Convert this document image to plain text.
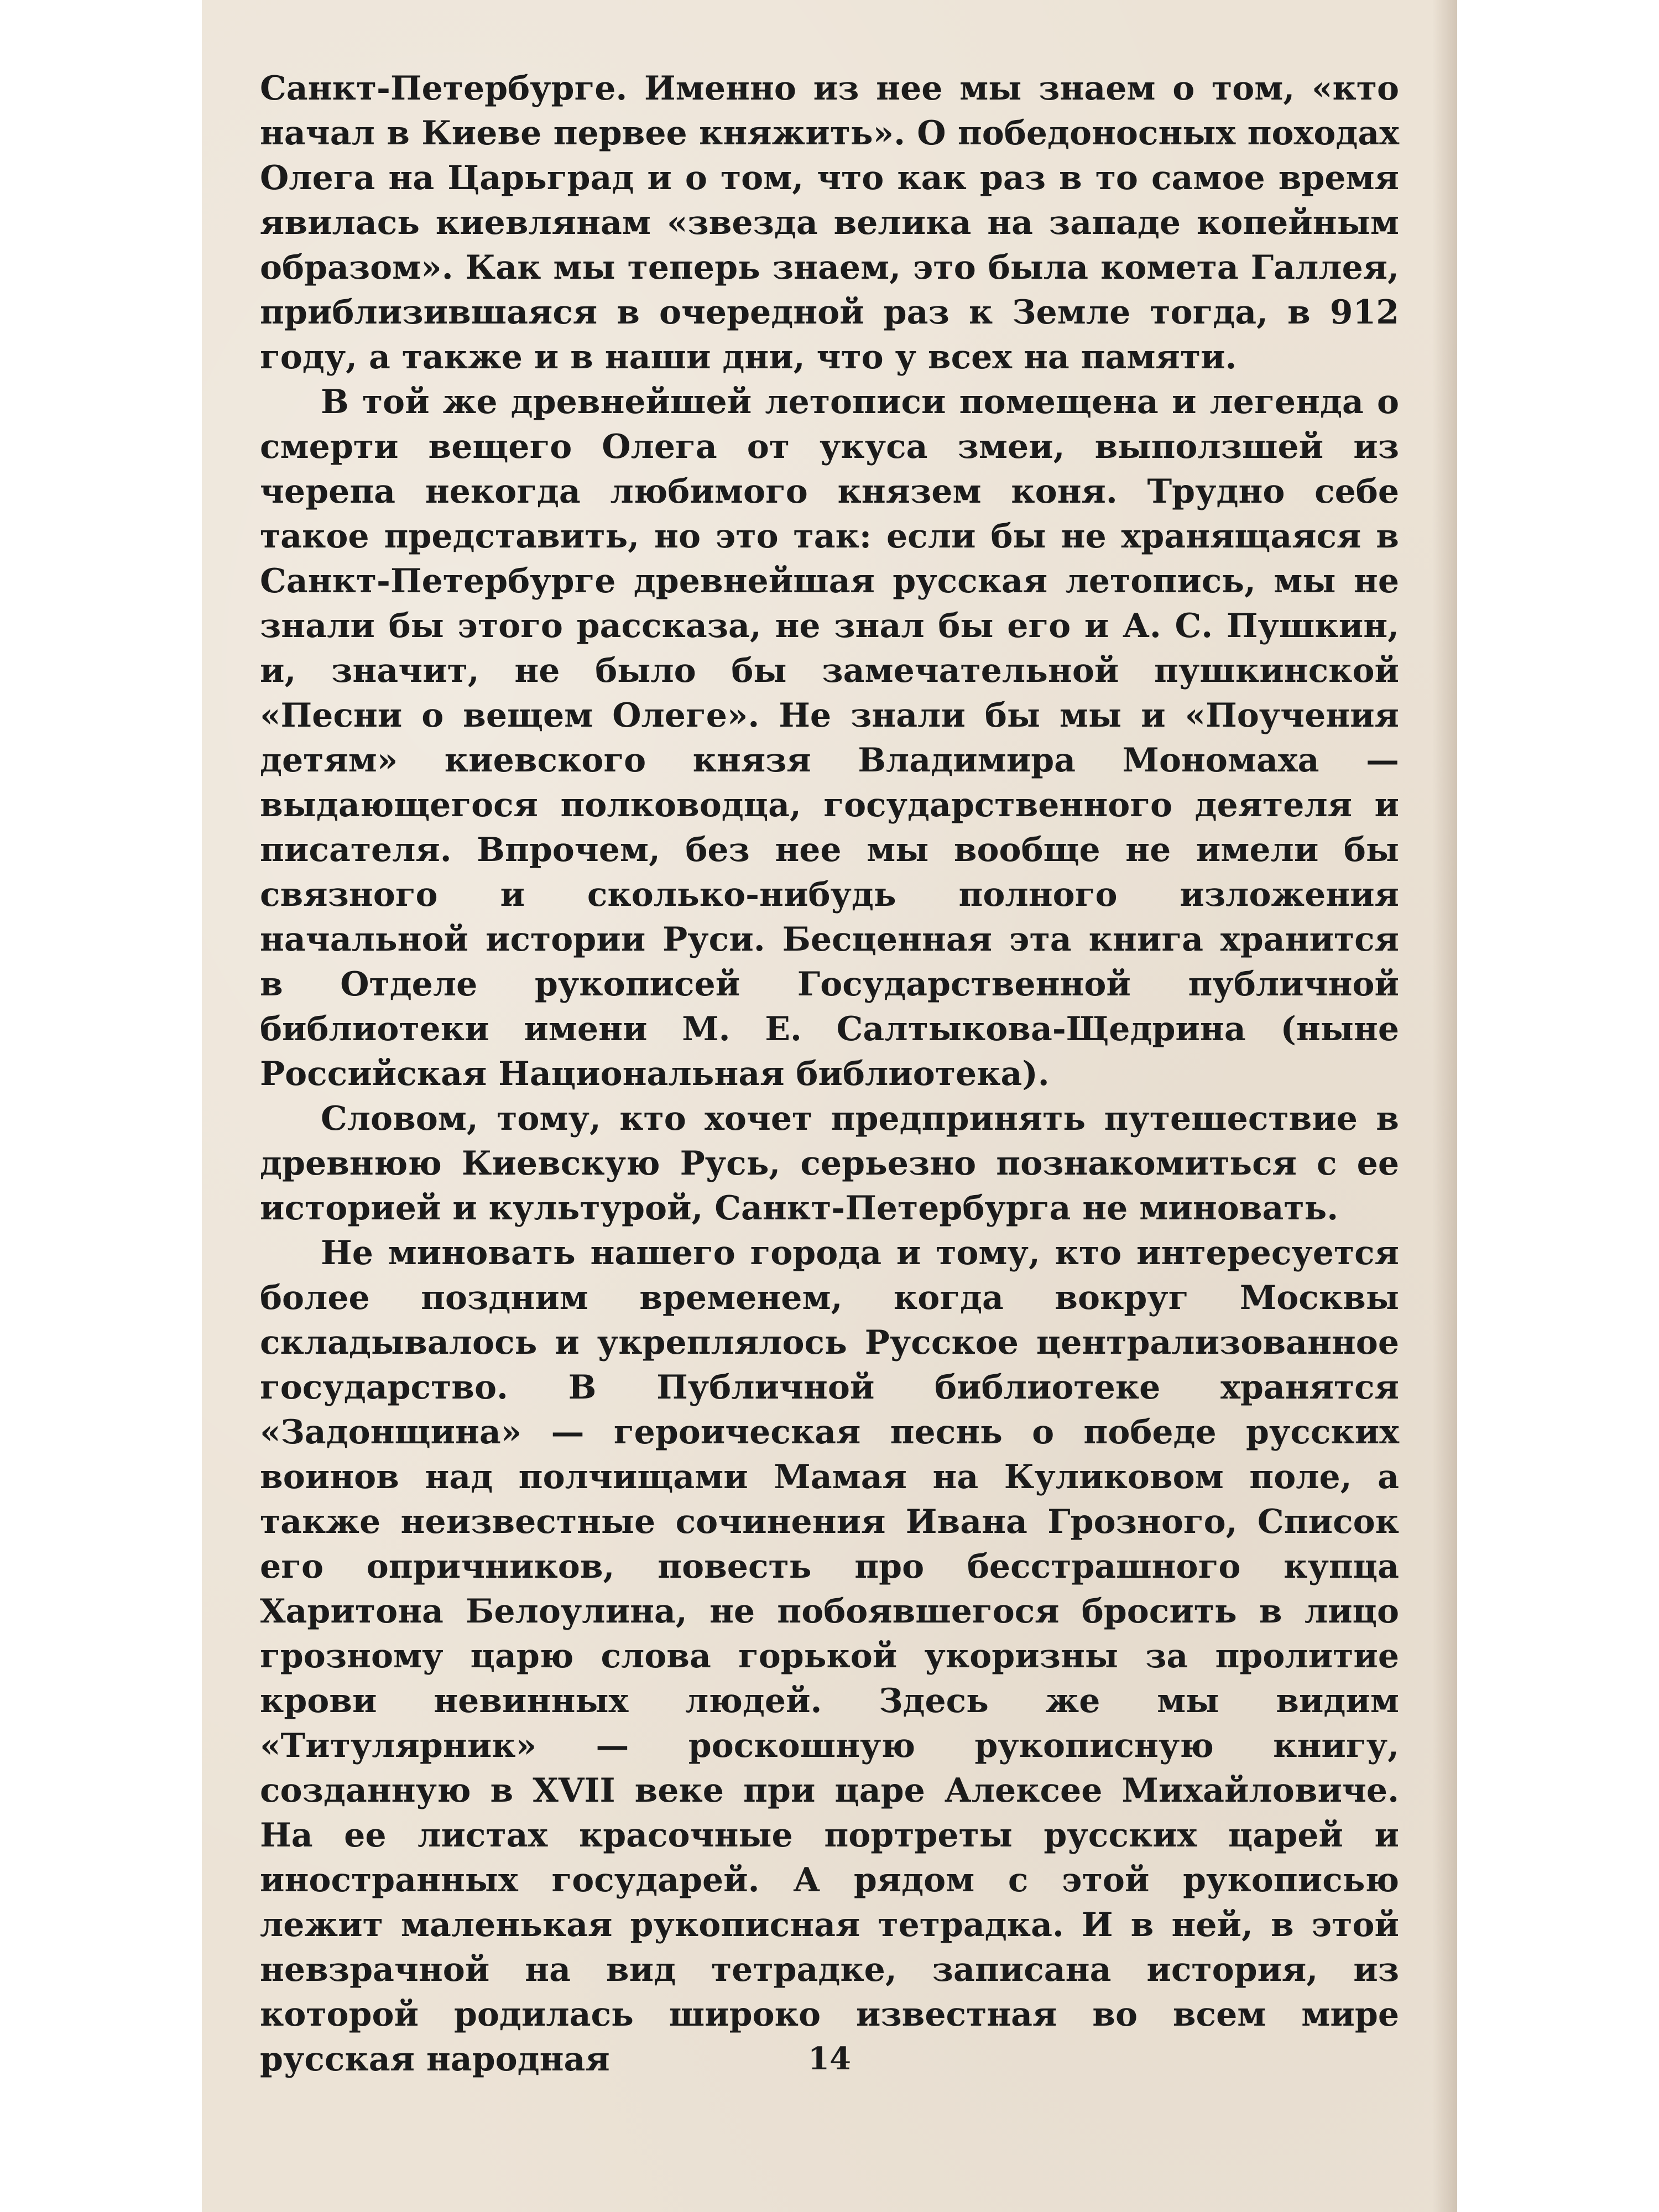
Санкт-Петербурге. Именно из нее мы знаем о том, «кто начал в Киеве первее княжить». О победоносных походах Олега на Царьград и о том, что как раз в то самое время явилась киевлянам «звезда велика на западе копейным образом». Как мы теперь знаем, это была комета Галлея, приблизившаяся в очередной раз к Земле тогда, в 912 году, а также и в наши дни, что у всех на памяти.

В той же древнейшей летописи помещена и легенда о смерти вещего Олега от укуса змеи, выползшей из черепа некогда любимого князем коня. Трудно себе такое представить, но это так: если бы не хранящаяся в Санкт-Петербурге древнейшая русская летопись, мы не знали бы этого рассказа, не знал бы его и А. С. Пушкин, и, значит, не было бы замечательной пушкинской «Песни о вещем Олеге». Не знали бы мы и «Поучения детям» киевского князя Владимира Мономаха — выдающегося полководца, государственного деятеля и писателя. Впрочем, без нее мы вообще не имели бы связного и сколько-нибудь полного изложения начальной истории Руси. Бесценная эта книга хранится в Отделе рукописей Государственной публичной библиотеки имени М. Е. Салтыкова-Щедрина (ныне Российская Национальная библиотека).

Словом, тому, кто хочет предпринять путешествие в древнюю Киевскую Русь, серьезно познакомиться с ее историей и культурой, Санкт-Петербурга не миновать.

Не миновать нашего города и тому, кто интересуется более поздним временем, когда вокруг Москвы складывалось и укреплялось Русское централизованное государство. В Публичной библиотеке хранятся «Задонщина» — героическая песнь о победе русских воинов над полчищами Мамая на Куликовом поле, а также неизвестные сочинения Ивана Грозного, Список его опричников, повесть про бесстрашного купца Харитона Белоулина, не побоявшегося бросить в лицо грозному царю слова горькой укоризны за пролитие крови невинных людей. Здесь же мы видим «Титулярник» — роскошную рукописную книгу, созданную в XVII веке при царе Алексее Михайловиче. На ее листах красочные портреты русских царей и иностранных государей. А рядом с этой рукописью лежит маленькая рукописная тетрадка. И в ней, в этой невзрачной на вид тетрадке, записана история, из которой родилась широко известная во всем мире русская народная	14
